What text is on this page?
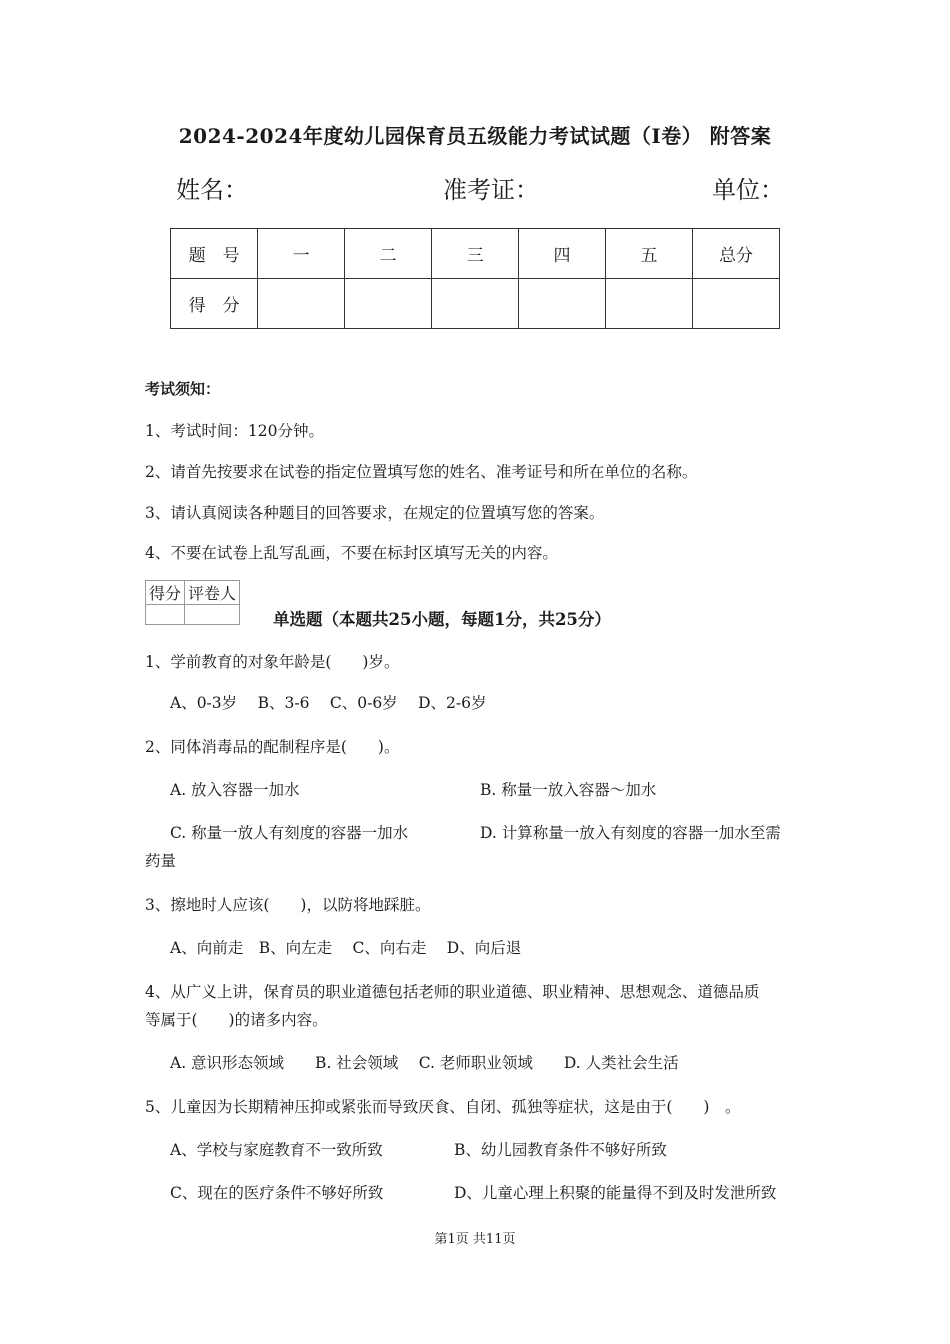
2024-2024年度幼儿园保育员五级能力考试试题（I卷） 附答案
姓名：	准考证：	单位：
题　号	一	二	三	四	五	总分
得　分						
考试须知：
1、考试时间：120分钟。
2、请首先按要求在试卷的指定位置填写您的姓名、准考证号和所在单位的名称。
3、请认真阅读各种题目的回答要求，在规定的位置填写您的答案。
4、不要在试卷上乱写乱画，不要在标封区填写无关的内容。
得分	评卷人

单选题（本题共25小题，每题1分，共25分）
1、学前教育的对象年龄是(　　)岁。
A、0-3岁　 B、3-6　 C、0-6岁　 D、2-6岁
2、同体消毒品的配制程序是(　　)。
A. 放入容器一加水	B. 称量一放入容器～加水
C. 称量一放人有刻度的容器一加水	D. 计算称量一放入有刻度的容器一加水至需
药量
3、擦地时人应该(　　)，以防将地踩脏。
A、向前走　B、向左走　 C、向右走　 D、向后退
4、从广义上讲，保育员的职业道德包括老师的职业道德、职业精神、思想观念、道德品质
等属于(　　)的诸多内容。
A. 意识形态领域　　B. 社会领域　 C. 老师职业领域　　D. 人类社会生活
5、儿童因为长期精神压抑或紧张而导致厌食、自闭、孤独等症状，这是由于(　　)　。
A、学校与家庭教育不一致所致	B、幼儿园教育条件不够好所致
C、现在的医疗条件不够好所致	D、儿童心理上积聚的能量得不到及时发泄所致
第1页 共11页
